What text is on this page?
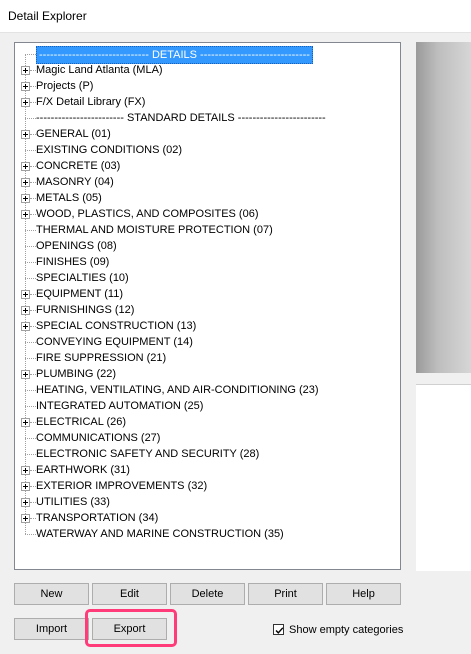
Detail Explorer
------------------------------ DETAILS ------------------------------
Magic Land Atlanta (MLA)
Projects (P)
F/X Detail Library (FX)
------------------------ STANDARD DETAILS ------------------------
GENERAL (01)
EXISTING CONDITIONS (02)
CONCRETE (03)
MASONRY (04)
METALS (05)
WOOD, PLASTICS, AND COMPOSITES (06)
THERMAL AND MOISTURE PROTECTION (07)
OPENINGS (08)
FINISHES (09)
SPECIALTIES (10)
EQUIPMENT (11)
FURNISHINGS (12)
SPECIAL CONSTRUCTION (13)
CONVEYING EQUIPMENT (14)
FIRE SUPPRESSION (21)
PLUMBING (22)
HEATING, VENTILATING, AND AIR-CONDITIONING (23)
INTEGRATED AUTOMATION (25)
ELECTRICAL (26)
COMMUNICATIONS (27)
ELECTRONIC SAFETY AND SECURITY (28)
EARTHWORK (31)
EXTERIOR IMPROVEMENTS (32)
UTILITIES (33)
TRANSPORTATION (34)
WATERWAY AND MARINE CONSTRUCTION (35)
New	Edit	Delete	Print	Help
Import	Export	Show empty categories
